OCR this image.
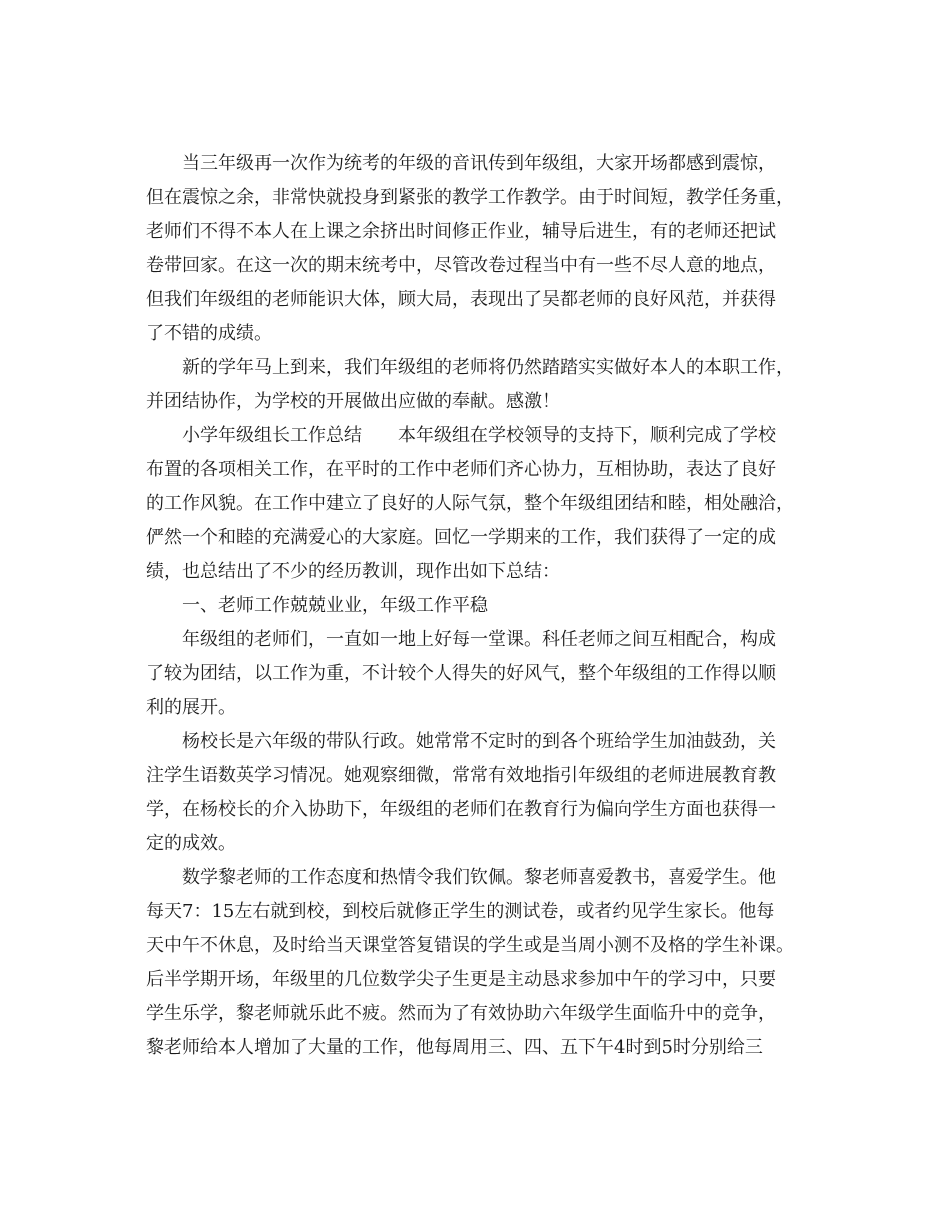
当三年级再一次作为统考的年级的音讯传到年级组，大家开场都感到震惊，
但在震惊之余，非常快就投身到紧张的教学工作教学。由于时间短，教学任务重，
老师们不得不本人在上课之余挤出时间修正作业，辅导后进生，有的老师还把试
卷带回家。在这一次的期末统考中，尽管改卷过程当中有一些不尽人意的地点，
但我们年级组的老师能识大体，顾大局，表现出了吴都老师的良好风范，并获得
了不错的成绩。
新的学年马上到来，我们年级组的老师将仍然踏踏实实做好本人的本职工作，
并团结协作，为学校的开展做出应做的奉献。感激！
小学年级组长工作总结　　本年级组在学校领导的支持下，顺利完成了学校
布置的各项相关工作，在平时的工作中老师们齐心协力，互相协助，表达了良好
的工作风貌。在工作中建立了良好的人际气氛，整个年级组团结和睦，相处融洽，
俨然一个和睦的充满爱心的大家庭。回忆一学期来的工作，我们获得了一定的成
绩，也总结出了不少的经历教训，现作出如下总结：
一、老师工作兢兢业业，年级工作平稳
年级组的老师们，一直如一地上好每一堂课。科任老师之间互相配合，构成
了较为团结，以工作为重，不计较个人得失的好风气，整个年级组的工作得以顺
利的展开。
杨校长是六年级的带队行政。她常常不定时的到各个班给学生加油鼓劲，关
注学生语数英学习情况。她观察细微，常常有效地指引年级组的老师进展教育教
学，在杨校长的介入协助下，年级组的老师们在教育行为偏向学生方面也获得一
定的成效。
数学黎老师的工作态度和热情令我们钦佩。黎老师喜爱教书，喜爱学生。他
每天7：15左右就到校，到校后就修正学生的测试卷，或者约见学生家长。他每
天中午不休息，及时给当天课堂答复错误的学生或是当周小测不及格的学生补课。
后半学期开场，年级里的几位数学尖子生更是主动恳求参加中午的学习中，只要
学生乐学，黎老师就乐此不疲。然而为了有效协助六年级学生面临升中的竞争，
黎老师给本人增加了大量的工作，他每周用三、四、五下午4时到5时分别给三
